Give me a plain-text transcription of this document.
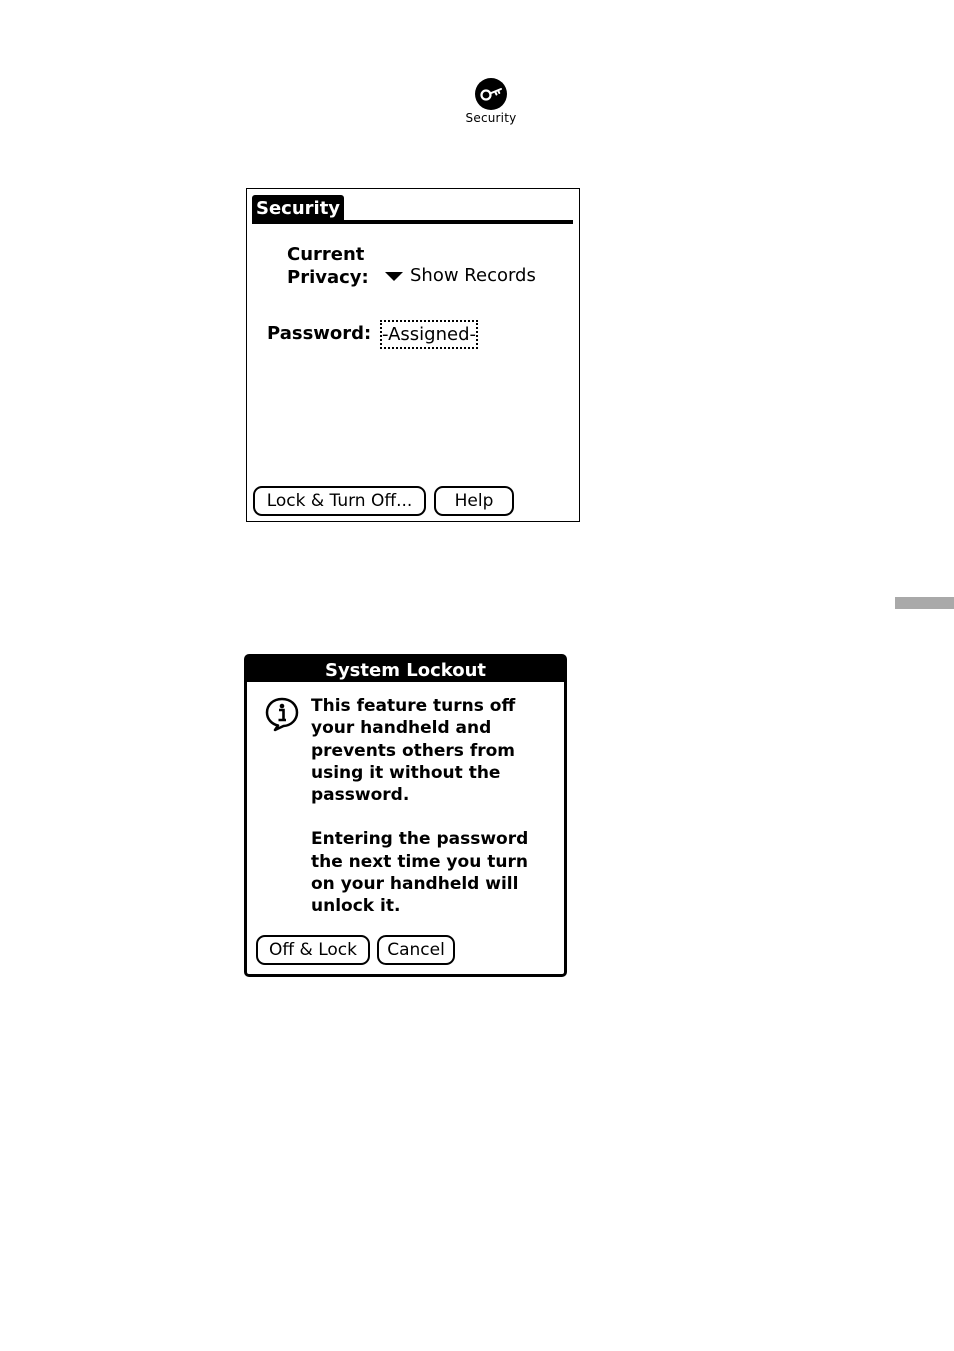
Security
Security
Current
Privacy: Show Records
Password: -Assigned-
Lock & Turn Off...	Help
System Lockout

This feature turns off your handheld and prevents others from using it without the password.

Entering the password the next time you turn on your handheld will unlock it.

Off & Lock	Cancel
